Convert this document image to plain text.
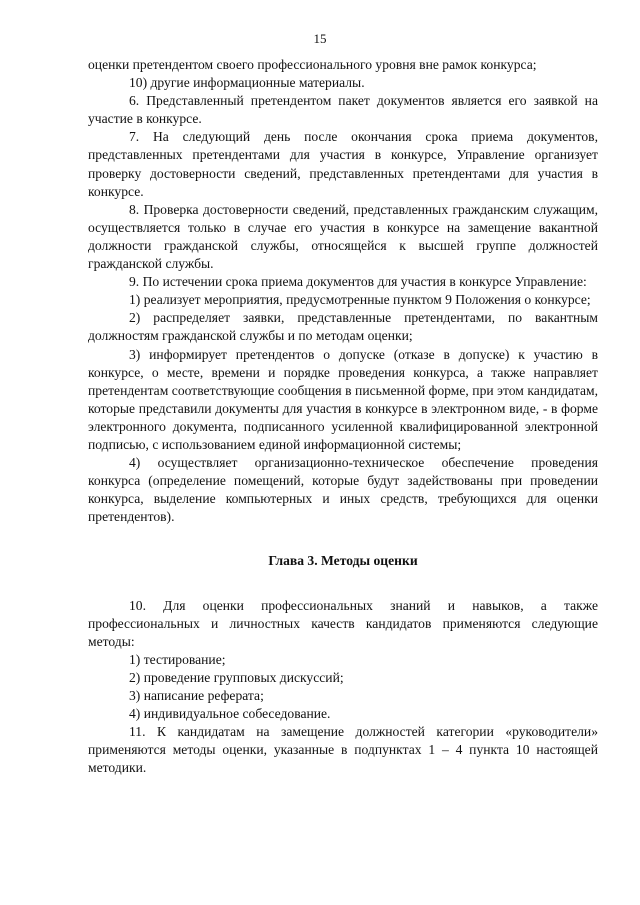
15

оценки претендентом своего профессионального уровня вне рамок конкурса;

10) другие информационные материалы.

6. Представленный претендентом пакет документов является его заявкой на участие в конкурсе.

7. На следующий день после окончания срока приема документов, представленных претендентами для участия в конкурсе, Управление организует проверку достоверности сведений, представленных претендентами для участия в конкурсе.

8. Проверка достоверности сведений, представленных гражданским служащим, осуществляется только в случае его участия в конкурсе на замещение вакантной должности гражданской службы, относящейся к высшей группе должностей гражданской службы.

9. По истечении срока приема документов для участия в конкурсе Управление:

1) реализует мероприятия, предусмотренные пунктом 9 Положения о конкурсе;

2) распределяет заявки, представленные претендентами, по вакантным должностям гражданской службы и по методам оценки;

3) информирует претендентов о допуске (отказе в допуске) к участию в конкурсе, о месте, времени и порядке проведения конкурса, а также направляет претендентам соответствующие сообщения в письменной форме, при этом кандидатам, которые представили документы для участия в конкурсе в электронном виде, - в форме электронного документа, подписанного усиленной квалифицированной электронной подписью, с использованием единой информационной системы;

4) осуществляет организационно-техническое обеспечение проведения конкурса (определение помещений, которые будут задействованы при проведении конкурса, выделение компьютерных и иных средств, требующихся для оценки претендентов).

Глава 3. Методы оценки

10. Для оценки профессиональных знаний и навыков, а также профессиональных и личностных качеств кандидатов применяются следующие методы:

1) тестирование;

2) проведение групповых дискуссий;

3) написание реферата;

4) индивидуальное собеседование.

11. К кандидатам на замещение должностей категории «руководители» применяются методы оценки, указанные в подпунктах 1 – 4 пункта 10 настоящей методики.
